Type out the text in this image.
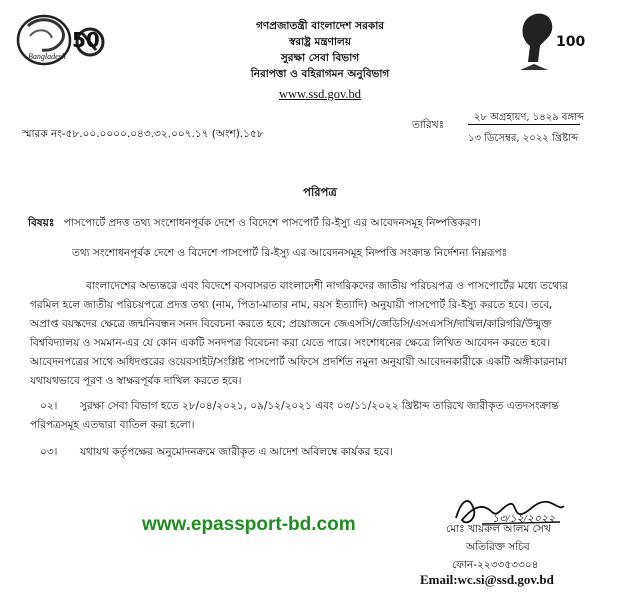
Bangladesh
50	100
গণপ্রজাতন্ত্রী বাংলাদেশ সরকার
স্বরাষ্ট্র মন্ত্রণালয়
সুরক্ষা সেবা বিভাগ
নিরাপত্তা ও বহিরাগমন অনুবিভাগ
www.ssd.gov.bd
২৮ অগ্রহায়ণ, ১৪২৯ বঙ্গাব্দ
তারিখঃ
স্মারক নং-৫৮.০০.০০০০.০৪৩.৩২.০০৭.১৭ (অংশ).১৫৮	১৩ ডিসেম্বর, ২০২২ খ্রিষ্টাব্দ
পরিপত্র
বিষয়ঃ পাসপোর্টে প্রদত্ত তথ্য সংশোধনপূর্বক দেশে ও বিদেশে পাসপোর্ট রি-ইস্যু এর আবেদনসমূহ নিষ্পত্তিকরণ।
তথ্য সংশোধনপূর্বক দেশে ও বিদেশে পাসপোর্ট রি-ইস্যু এর আবেদনসমূহ নিষ্পত্তি সংক্রান্ত নির্দেশনা নিম্নরূপঃ
বাংলাদেশের অভ্যন্তরে এবং বিদেশে বসবাসরত বাংলাদেশী নাগরিকদের জাতীয় পরিচয়পত্র ও পাসপোর্টের মধ্যে তথ্যের
গরমিল হলে জাতীয় পরিচয়পত্রে প্রদত্ত তথ্য (নাম, পিতা-মাতার নাম, বয়স ইত্যাদি) অনুযায়ী পাসপোর্ট রি-ইস্যু করতে হবে। তবে,
অপ্রাপ্ত বয়স্কদের ক্ষেত্রে জন্মনিবন্ধন সনদ বিবেচনা করতে হবে; প্রয়োজনে জেএসসি/জেডিসি/এসএসসি/দাখিল/কারিগরি/উন্মুক্ত
বিশ্ববিদ্যালয় ও সমমান-এর যে কোন একটি সনদপত্র বিবেচনা করা যেতে পারে। সংশোধনের ক্ষেত্রে লিখিত আবেদন করতে হবে।
আবেদনপত্রের সাথে অধিদপ্তরের ওয়েবসাইট/সংশ্লিষ্ট পাসপোর্ট অফিসে প্রদর্শিত নমুনা অনুযায়ী আবেদনকারীকে একটি অঙ্গীকারনামা
যথাযথভাবে পূরণ ও স্বাক্ষরপূর্বক দাখিল করতে হবে।
০২। সুরক্ষা সেবা বিভাগ হতে ২৮/০৪/২০২১, ০৯/১২/২০২১ এবং ০৩/১১/২০২২ খ্রিষ্টাব্দ তারিখে জারীকৃত এতদসংক্রান্ত
পরিপত্রসমূহ এতদ্বারা বাতিল করা হলো।
০৩। যথাযথ কর্তৃপক্ষের অনুমোদনক্রমে জারীকৃত এ আদেশ অবিলম্বে কার্যকর হবে।
১৩/১২/২০২২
www.epassport-bd.com	মোঃ খায়রুল আলম সেখ
অতিরিক্ত সচিব
ফোন-২২৩৩৫৩৩০৪
Email:wc.si@ssd.gov.bd
